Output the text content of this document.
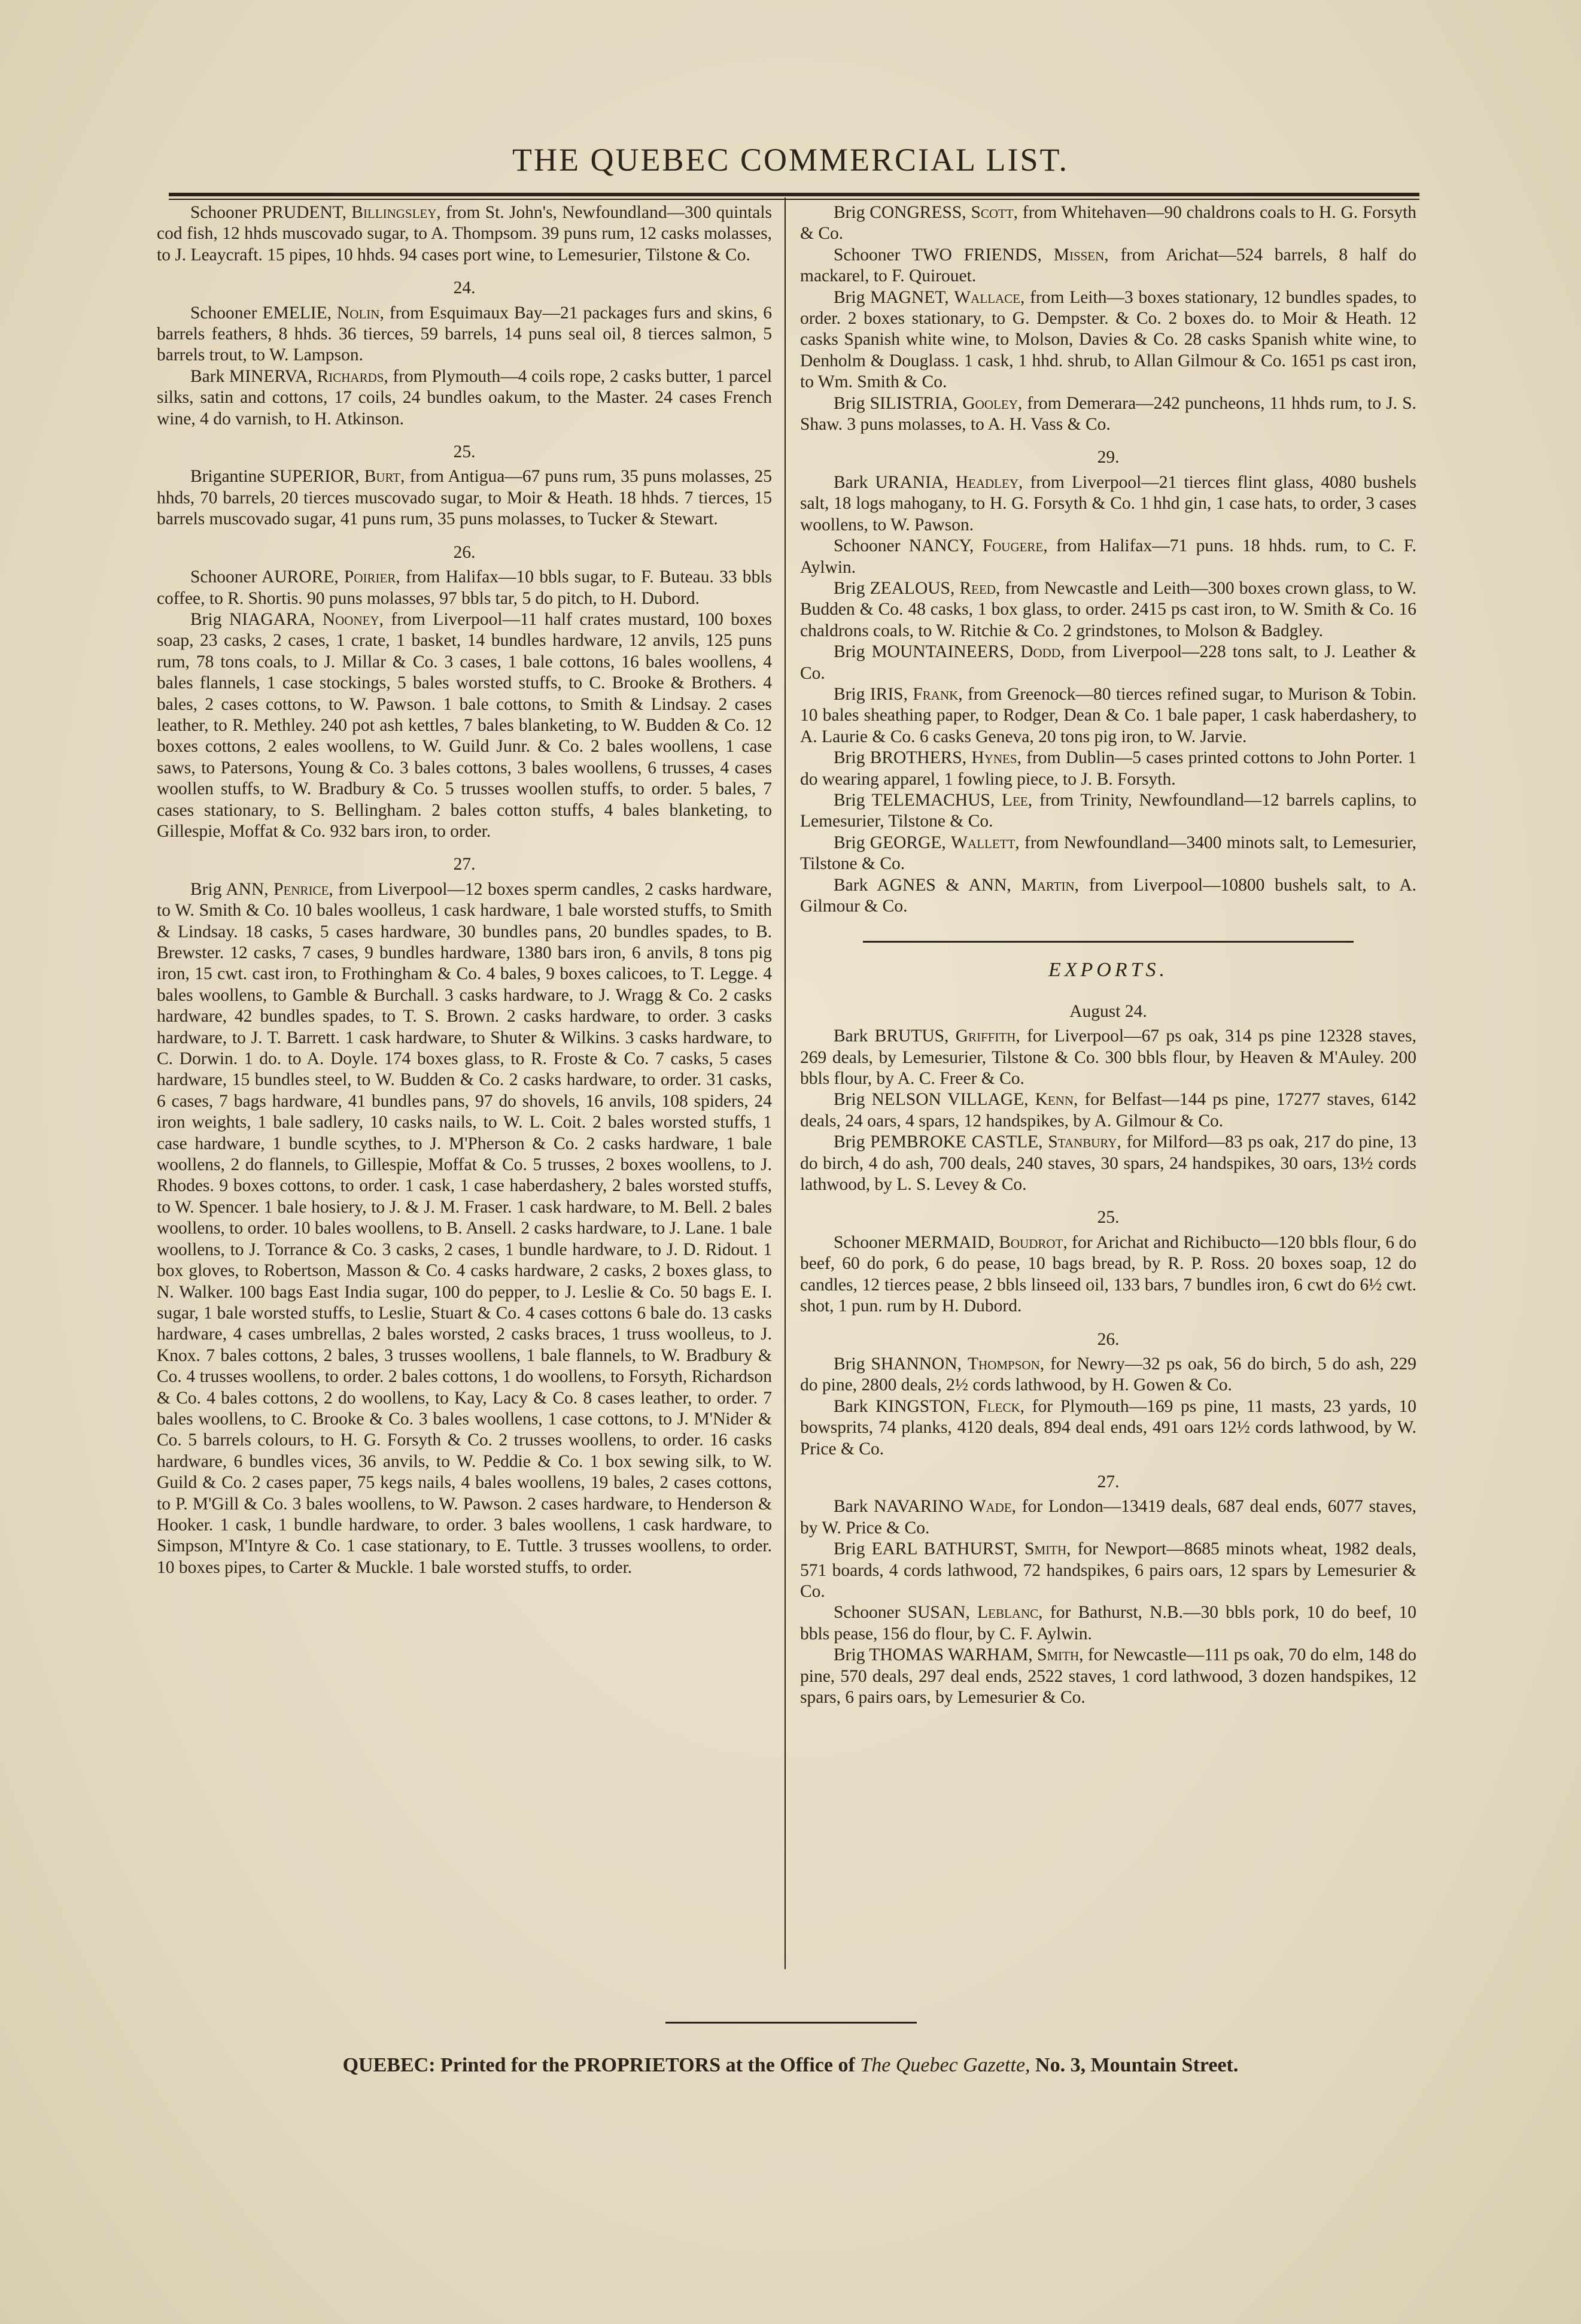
THE QUEBEC COMMERCIAL LIST.

Schooner PRUDENT, Billingsley, from St. John's, Newfoundland—300 quintals cod fish, 12 hhds muscovado sugar, to A. Thompsom. 39 puns rum, 12 casks molasses, to J. Leaycraft. 15 pipes, 10 hhds. 94 cases port wine, to Lemesurier, Tilstone & Co.

24.

Schooner EMELIE, Nolin, from Esquimaux Bay—21 packages furs and skins, 6 barrels feathers, 8 hhds. 36 tierces, 59 barrels, 14 puns seal oil, 8 tierces salmon, 5 barrels trout, to W. Lampson.

Bark MINERVA, Richards, from Plymouth—4 coils rope, 2 casks butter, 1 parcel silks, satin and cottons, 17 coils, 24 bundles oakum, to the Master. 24 cases French wine, 4 do varnish, to H. Atkinson.

25.

Brigantine SUPERIOR, Burt, from Antigua—67 puns rum, 35 puns molasses, 25 hhds, 70 barrels, 20 tierces muscovado sugar, to Moir & Heath. 18 hhds. 7 tierces, 15 barrels muscovado sugar, 41 puns rum, 35 puns molasses, to Tucker & Stewart.

26.

Schooner AURORE, Poirier, from Halifax—10 bbls sugar, to F. Buteau. 33 bbls coffee, to R. Shortis. 90 puns molasses, 97 bbls tar, 5 do pitch, to H. Dubord.

Brig NIAGARA, Nooney, from Liverpool—11 half crates mustard, 100 boxes soap, 23 casks, 2 cases, 1 crate, 1 basket, 14 bundles hardware, 12 anvils, 125 puns rum, 78 tons coals, to J. Millar & Co. 3 cases, 1 bale cottons, 16 bales woollens, 4 bales flannels, 1 case stockings, 5 bales worsted stuffs, to C. Brooke & Brothers. 4 bales, 2 cases cottons, to W. Pawson. 1 bale cottons, to Smith & Lindsay. 2 cases leather, to R. Methley. 240 pot ash kettles, 7 bales blanketing, to W. Budden & Co. 12 boxes cottons, 2 eales woollens, to W. Guild Junr. & Co. 2 bales woollens, 1 case saws, to Patersons, Young & Co. 3 bales cottons, 3 bales woollens, 6 trusses, 4 cases woollen stuffs, to W. Bradbury & Co. 5 trusses woollen stuffs, to order. 5 bales, 7 cases stationary, to S. Bellingham. 2 bales cotton stuffs, 4 bales blanketing, to Gillespie, Moffat & Co. 932 bars iron, to order.

27.

Brig ANN, Penrice, from Liverpool—12 boxes sperm candles, 2 casks hardware, to W. Smith & Co. 10 bales woolleus, 1 cask hardware, 1 bale worsted stuffs, to Smith & Lindsay. 18 casks, 5 cases hardware, 30 bundles pans, 20 bundles spades, to B. Brewster. 12 casks, 7 cases, 9 bundles hardware, 1380 bars iron, 6 anvils, 8 tons pig iron, 15 cwt. cast iron, to Frothingham & Co. 4 bales, 9 boxes calicoes, to T. Legge. 4 bales woollens, to Gamble & Burchall. 3 casks hardware, to J. Wragg & Co. 2 casks hardware, 42 bundles spades, to T. S. Brown. 2 casks hardware, to order. 3 casks hardware, to J. T. Barrett. 1 cask hardware, to Shuter & Wilkins. 3 casks hardware, to C. Dorwin. 1 do. to A. Doyle. 174 boxes glass, to R. Froste & Co. 7 casks, 5 cases hardware, 15 bundles steel, to W. Budden & Co. 2 casks hardware, to order. 31 casks, 6 cases, 7 bags hardware, 41 bundles pans, 97 do shovels, 16 anvils, 108 spiders, 24 iron weights, 1 bale sadlery, 10 casks nails, to W. L. Coit. 2 bales worsted stuffs, 1 case hardware, 1 bundle scythes, to J. M'Pherson & Co. 2 casks hardware, 1 bale woollens, 2 do flannels, to Gillespie, Moffat & Co. 5 trusses, 2 boxes woollens, to J. Rhodes. 9 boxes cottons, to order. 1 cask, 1 case haberdashery, 2 bales worsted stuffs, to W. Spencer. 1 bale hosiery, to J. & J. M. Fraser. 1 cask hardware, to M. Bell. 2 bales woollens, to order. 10 bales woollens, to B. Ansell. 2 casks hardware, to J. Lane. 1 bale woollens, to J. Torrance & Co. 3 casks, 2 cases, 1 bundle hardware, to J. D. Ridout. 1 box gloves, to Robertson, Masson & Co. 4 casks hardware, 2 casks, 2 boxes glass, to N. Walker. 100 bags East India sugar, 100 do pepper, to J. Leslie & Co. 50 bags E. I. sugar, 1 bale worsted stuffs, to Leslie, Stuart & Co. 4 cases cottons 6 bale do. 13 casks hardware, 4 cases umbrellas, 2 bales worsted, 2 casks braces, 1 truss woolleus, to J. Knox. 7 bales cottons, 2 bales, 3 trusses woollens, 1 bale flannels, to W. Bradbury & Co. 4 trusses woollens, to order. 2 bales cottons, 1 do woollens, to Forsyth, Richardson & Co. 4 bales cottons, 2 do woollens, to Kay, Lacy & Co. 8 cases leather, to order. 7 bales woollens, to C. Brooke & Co. 3 bales woollens, 1 case cottons, to J. M'Nider & Co. 5 barrels colours, to H. G. Forsyth & Co. 2 trusses woollens, to order. 16 casks hardware, 6 bundles vices, 36 anvils, to W. Peddie & Co. 1 box sewing silk, to W. Guild & Co. 2 cases paper, 75 kegs nails, 4 bales woollens, 19 bales, 2 cases cottons, to P. M'Gill & Co. 3 bales woollens, to W. Pawson. 2 cases hardware, to Henderson & Hooker. 1 cask, 1 bundle hardware, to order. 3 bales woollens, 1 cask hardware, to Simpson, M'Intyre & Co. 1 case stationary, to E. Tuttle. 3 trusses woollens, to order. 10 boxes pipes, to Carter & Muckle. 1 bale worsted stuffs, to order.

Brig CONGRESS, Scott, from Whitehaven—90 chaldrons coals to H. G. Forsyth & Co.

Schooner TWO FRIENDS, Missen, from Arichat—524 barrels, 8 half do mackarel, to F. Quirouet.

Brig MAGNET, Wallace, from Leith—3 boxes stationary, 12 bundles spades, to order. 2 boxes stationary, to G. Dempster. & Co. 2 boxes do. to Moir & Heath. 12 casks Spanish white wine, to Molson, Davies & Co. 28 casks Spanish white wine, to Denholm & Douglass. 1 cask, 1 hhd. shrub, to Allan Gilmour & Co. 1651 ps cast iron, to Wm. Smith & Co.

Brig SILISTRIA, Gooley, from Demerara—242 puncheons, 11 hhds rum, to J. S. Shaw. 3 puns molasses, to A. H. Vass & Co.

29.

Bark URANIA, Headley, from Liverpool—21 tierces flint glass, 4080 bushels salt, 18 logs mahogany, to H. G. Forsyth & Co. 1 hhd gin, 1 case hats, to order, 3 cases woollens, to W. Pawson.

Schooner NANCY, Fougere, from Halifax—71 puns. 18 hhds. rum, to C. F. Aylwin.

Brig ZEALOUS, Reed, from Newcastle and Leith—300 boxes crown glass, to W. Budden & Co. 48 casks, 1 box glass, to order. 2415 ps cast iron, to W. Smith & Co. 16 chaldrons coals, to W. Ritchie & Co. 2 grindstones, to Molson & Badgley.

Brig MOUNTAINEERS, Dodd, from Liverpool—228 tons salt, to J. Leather & Co.

Brig IRIS, Frank, from Greenock—80 tierces refined sugar, to Murison & Tobin. 10 bales sheathing paper, to Rodger, Dean & Co. 1 bale paper, 1 cask haberdashery, to A. Laurie & Co. 6 casks Geneva, 20 tons pig iron, to W. Jarvie.

Brig BROTHERS, Hynes, from Dublin—5 cases printed cottons to John Porter. 1 do wearing apparel, 1 fowling piece, to J. B. Forsyth.

Brig TELEMACHUS, Lee, from Trinity, Newfoundland—12 barrels caplins, to Lemesurier, Tilstone & Co.

Brig GEORGE, Wallett, from Newfoundland—3400 minots salt, to Lemesurier, Tilstone & Co.

Bark AGNES & ANN, Martin, from Liverpool—10800 bushels salt, to A. Gilmour & Co.

EXPORTS.

August 24.

Bark BRUTUS, Griffith, for Liverpool—67 ps oak, 314 ps pine 12328 staves, 269 deals, by Lemesurier, Tilstone & Co. 300 bbls flour, by Heaven & M'Auley. 200 bbls flour, by A. C. Freer & Co.

Brig NELSON VILLAGE, Kenn, for Belfast—144 ps pine, 17277 staves, 6142 deals, 24 oars, 4 spars, 12 handspikes, by A. Gilmour & Co.

Brig PEMBROKE CASTLE, Stanbury, for Milford—83 ps oak, 217 do pine, 13 do birch, 4 do ash, 700 deals, 240 staves, 30 spars, 24 handspikes, 30 oars, 13½ cords lathwood, by L. S. Levey & Co.

25.

Schooner MERMAID, Boudrot, for Arichat and Richibucto—120 bbls flour, 6 do beef, 60 do pork, 6 do pease, 10 bags bread, by R. P. Ross. 20 boxes soap, 12 do candles, 12 tierces pease, 2 bbls linseed oil, 133 bars, 7 bundles iron, 6 cwt do 6½ cwt. shot, 1 pun. rum by H. Dubord.

26.

Brig SHANNON, Thompson, for Newry—32 ps oak, 56 do birch, 5 do ash, 229 do pine, 2800 deals, 2½ cords lathwood, by H. Gowen & Co.

Bark KINGSTON, Fleck, for Plymouth—169 ps pine, 11 masts, 23 yards, 10 bowsprits, 74 planks, 4120 deals, 894 deal ends, 491 oars 12½ cords lathwood, by W. Price & Co.

27.

Bark NAVARINO Wade, for London—13419 deals, 687 deal ends, 6077 staves, by W. Price & Co.

Brig EARL BATHURST, Smith, for Newport—8685 minots wheat, 1982 deals, 571 boards, 4 cords lathwood, 72 handspikes, 6 pairs oars, 12 spars by Lemesurier & Co.

Schooner SUSAN, Leblanc, for Bathurst, N.B.—30 bbls pork, 10 do beef, 10 bbls pease, 156 do flour, by C. F. Aylwin.

Brig THOMAS WARHAM, Smith, for Newcastle—111 ps oak, 70 do elm, 148 do pine, 570 deals, 297 deal ends, 2522 staves, 1 cord lathwood, 3 dozen handspikes, 12 spars, 6 pairs oars, by Lemesurier & Co.

QUEBEC: Printed for the PROPRIETORS at the Office of The Quebec Gazette, No. 3, Mountain Street.
